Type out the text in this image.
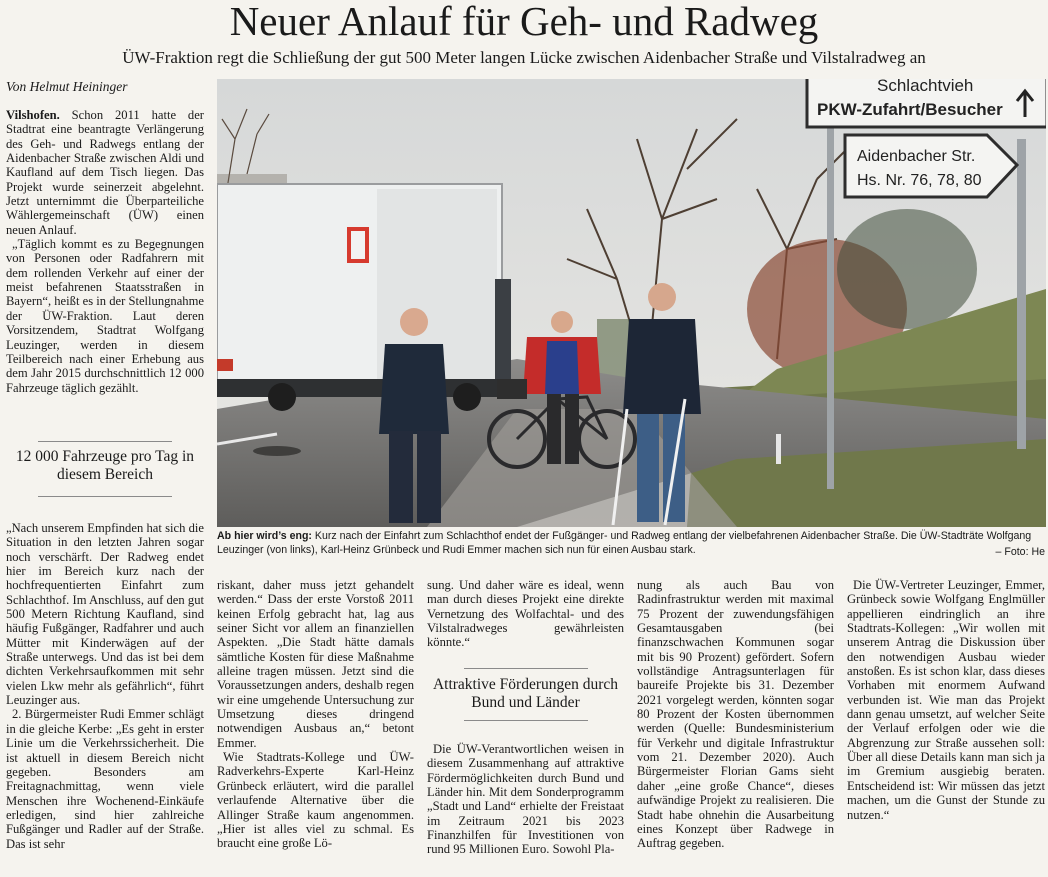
Neuer Anlauf für Geh- und Radweg
ÜW-Fraktion regt die Schließung der gut 500 Meter langen Lücke zwischen Aidenbacher Straße und Vilstalradweg an
Von Helmut Heininger

Vilshofen. Schon 2011 hatte der Stadtrat eine beantragte Verlängerung des Geh- und Radwegs entlang der Aidenbacher Straße zwischen Aldi und Kaufland auf dem Tisch liegen. Das Projekt wurde seinerzeit abgelehnt. Jetzt unternimmt die Überparteiliche Wählergemeinschaft (ÜW) einen neuen Anlauf.

„Täglich kommt es zu Begegnungen von Personen oder Radfahrern mit dem rollenden Verkehr auf einer der meist befahrenen Staatsstraßen in Bayern“, heißt es in der Stellungnahme der ÜW-Fraktion. Laut deren Vorsitzendem, Stadtrat Wolfgang Leuzinger, werden in diesem Teilbereich nach einer Erhebung aus dem Jahr 2015 durchschnittlich 12 000 Fahrzeuge täglich gezählt.

12 000 Fahrzeuge pro Tag in diesem Bereich

„Nach unserem Empfinden hat sich die Situation in den letzten Jahren sogar noch verschärft. Der Radweg endet hier im Bereich kurz nach der hochfrequentierten Einfahrt zum Schlachthof. Im Anschluss, auf den gut 500 Metern Richtung Kaufland, sind häufig Fußgänger, Radfahrer und auch Mütter mit Kinderwägen auf der Straße unterwegs. Und das ist bei dem dichten Verkehrsaufkommen mit sehr vielen Lkw mehr als gefährlich“, führt Leuzinger aus.

2. Bürgermeister Rudi Emmer schlägt in die gleiche Kerbe: „Es geht in erster Linie um die Verkehrssicherheit. Die ist aktuell in diesem Bereich nicht gegeben. Besonders am Freitagnachmittag, wenn viele Menschen ihre Wochenend-Einkäufe erledigen, sind hier zahlreiche Fußgänger und Radler auf der Straße. Das ist sehr

Schlachtvieh
PKW-Zufahrt/Besucher
Aidenbacher Str.
Hs. Nr. 76, 78, 80
Ab hier wird’s eng: Kurz nach der Einfahrt zum Schlachthof endet der Fußgänger- und Radweg entlang der vielbefahrenen Aidenbacher Straße. Die ÜW-Stadträte Wolfgang Leuzinger (von links), Karl-Heinz Grünbeck und Rudi Emmer machen sich nun für einen Ausbau stark.	– Foto: He

riskant, daher muss jetzt gehandelt werden.“ Dass der erste Vorstoß 2011 keinen Erfolg gebracht hat, lag aus seiner Sicht vor allem an finanziellen Aspekten. „Die Stadt hätte damals sämtliche Kosten für diese Maßnahme alleine tragen müssen. Jetzt sind die Voraussetzungen anders, deshalb regen wir eine umgehende Untersuchung zur Umsetzung dieses dringend notwendigen Ausbaus an,“ betont Emmer.

Wie Stadtrats-Kollege und ÜW-Radverkehrs-Experte Karl-Heinz Grünbeck erläutert, wird die parallel verlaufende Alternative über die Allinger Straße kaum angenommen. „Hier ist alles viel zu schmal. Es braucht eine große Lö-

sung. Und daher wäre es ideal, wenn man durch dieses Projekt eine direkte Vernetzung des Wolfachtal- und des Vilstalradweges gewährleisten könnte.“

Attraktive Förderungen durch Bund und Länder

Die ÜW-Verantwortlichen weisen in diesem Zusammenhang auf attraktive Fördermöglichkeiten durch Bund und Länder hin. Mit dem Sonderprogramm „Stadt und Land“ erhielte der Freistaat im Zeitraum 2021 bis 2023 Finanzhilfen für Investitionen von rund 95 Millionen Euro. Sowohl Pla-

nung als auch Bau von Radinfrastruktur werden mit maximal 75 Prozent der zuwendungsfähigen Gesamtausgaben (bei finanzschwachen Kommunen sogar mit bis 90 Prozent) gefördert. Sofern vollständige Antragsunterlagen für baureife Projekte bis 31. Dezember 2021 vorgelegt werden, könnten sogar 80 Prozent der Kosten übernommen werden (Quelle: Bundesministerium für Verkehr und digitale Infrastruktur vom 21. Dezember 2020). Auch Bürgermeister Florian Gams sieht daher „eine große Chance“, dieses aufwändige Projekt zu realisieren. Die Stadt habe ohnehin die Ausarbeitung eines Konzept über Radwege in Auftrag gegeben.

Die ÜW-Vertreter Leuzinger, Emmer, Grünbeck sowie Wolfgang Englmüller appellieren eindringlich an ihre Stadtrats-Kollegen: „Wir wollen mit unserem Antrag die Diskussion über den notwendigen Ausbau wieder anstoßen. Es ist schon klar, dass dieses Vorhaben mit enormem Aufwand verbunden ist. Wie man das Projekt dann genau umsetzt, auf welcher Seite der Verlauf erfolgen oder wie die Abgrenzung zur Straße aussehen soll: Über all diese Details kann man sich ja im Gremium ausgiebig beraten. Entscheidend ist: Wir müssen das jetzt machen, um die Gunst der Stunde zu nutzen.“
